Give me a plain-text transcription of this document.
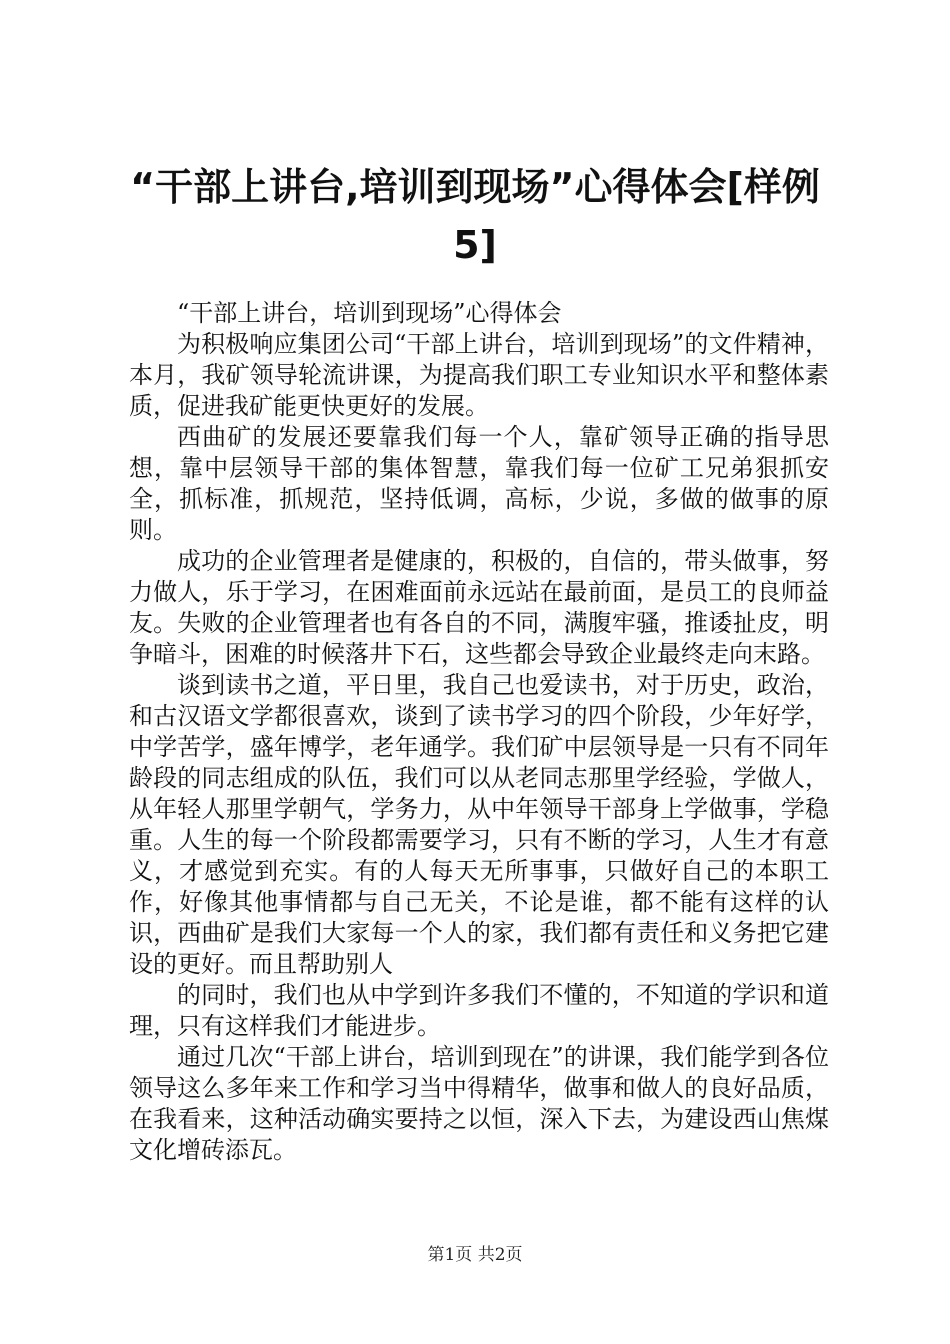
“干部上讲台,培训到现场”心得体会[样例
5]

“干部上讲台，培训到现场”心得体会

为积极响应集团公司“干部上讲台，培训到现场”的文件精神，本月，我矿领导轮流讲课，为提高我们职工专业知识水平和整体素质，促进我矿能更快更好的发展。

西曲矿的发展还要靠我们每一个人，靠矿领导正确的指导思想，靠中层领导干部的集体智慧，靠我们每一位矿工兄弟狠抓安全，抓标准，抓规范，坚持低调，高标，少说，多做的做事的原则。

成功的企业管理者是健康的，积极的，自信的，带头做事，努力做人，乐于学习，在困难面前永远站在最前面，是员工的良师益友。失败的企业管理者也有各自的不同，满腹牢骚，推诿扯皮，明争暗斗，困难的时候落井下石，这些都会导致企业最终走向末路。

谈到读书之道，平日里，我自己也爱读书，对于历史，政治，和古汉语文学都很喜欢，谈到了读书学习的四个阶段，少年好学，中学苦学，盛年博学，老年通学。我们矿中层领导是一只有不同年龄段的同志组成的队伍，我们可以从老同志那里学经验，学做人，从年轻人那里学朝气，学务力，从中年领导干部身上学做事，学稳重。人生的每一个阶段都需要学习，只有不断的学习，人生才有意义，才感觉到充实。有的人每天无所事事，只做好自己的本职工作，好像其他事情都与自己无关，不论是谁，都不能有这样的认识，西曲矿是我们大家每一个人的家，我们都有责任和义务把它建设的更好。而且帮助别人

的同时，我们也从中学到许多我们不懂的，不知道的学识和道理，只有这样我们才能进步。

通过几次“干部上讲台，培训到现在”的讲课，我们能学到各位领导这么多年来工作和学习当中得精华，做事和做人的良好品质，在我看来，这种活动确实要持之以恒，深入下去，为建设西山焦煤文化增砖添瓦。

第1页 共2页
